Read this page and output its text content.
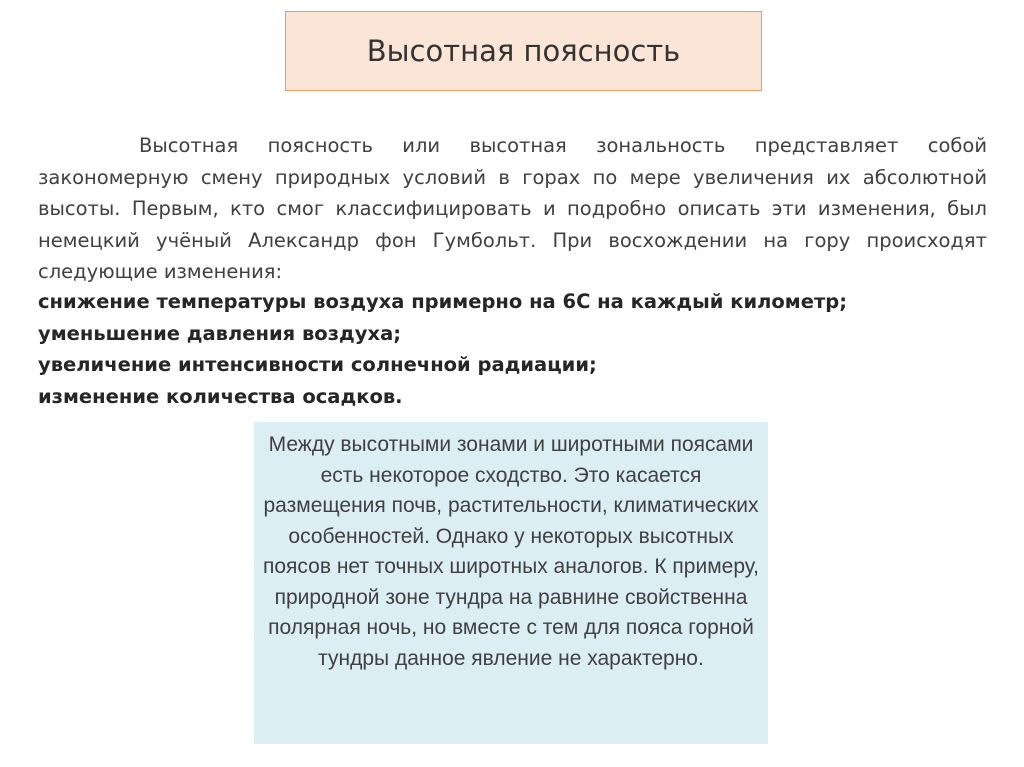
Высотная поясность

Высотная поясность или высотная зональность представляет собой закономерную смену природных условий в горах по мере увеличения их абсолютной высоты. Первым, кто смог классифицировать и подробно описать эти изменения, был немецкий учёный Александр фон Гумбольт. При восхождении на гору происходят следующие изменения:

снижение температуры воздуха примерно на 6С на каждый километр;
уменьшение давления воздуха;
увеличение интенсивности солнечной радиации;
изменение количества осадков.

Между высотными зонами и широтными поясами есть некоторое сходство. Это касается размещения почв, растительности, климатических особенностей. Однако у некоторых высотных поясов нет точных широтных аналогов. К примеру, природной зоне тундра на равнине свойственна полярная ночь, но вместе с тем для пояса горной тундры данное явление не характерно.
